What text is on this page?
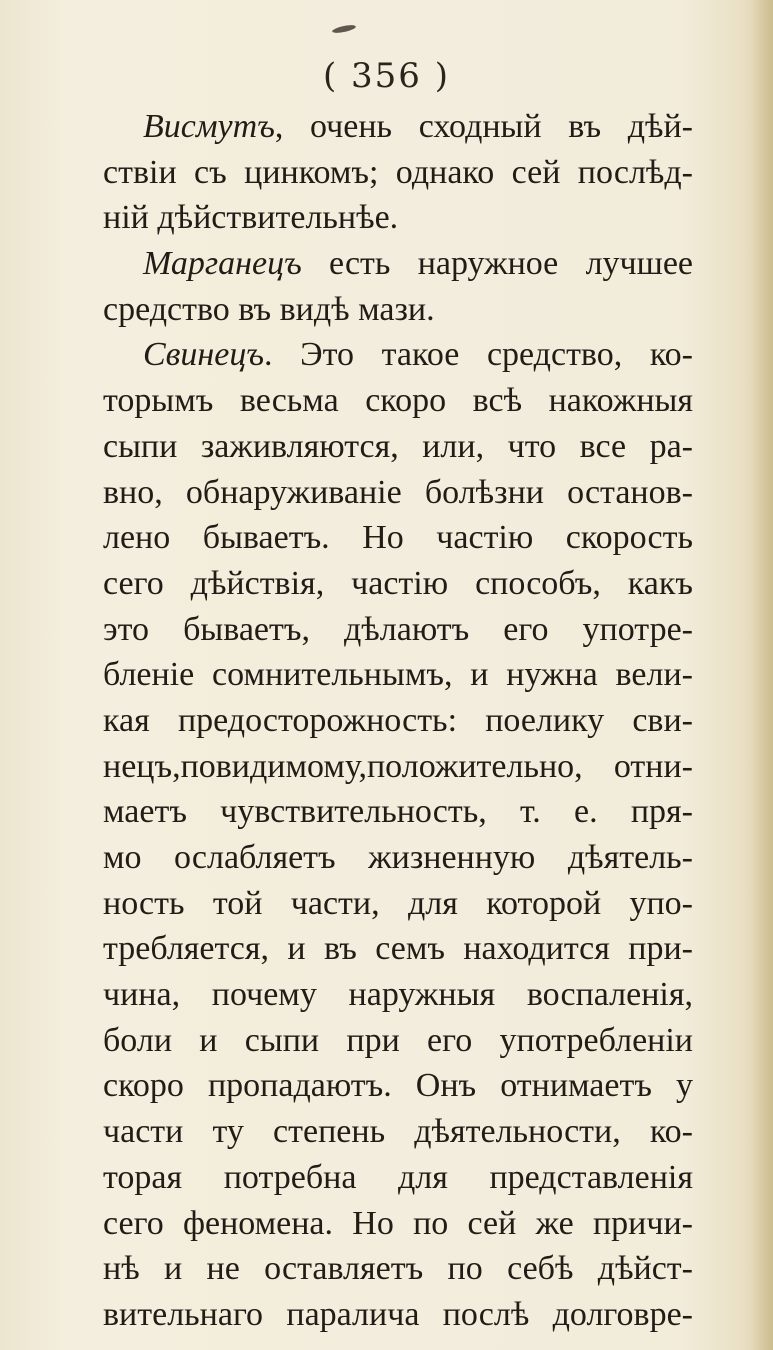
( 356 )
Висмутъ, очень сходный въ дѣй-
ствіи съ цинкомъ; однако сей послѣд-
ній дѣйствительнѣе.
Марганецъ есть наружное лучшее
средство въ видѣ мази.
Свинецъ. Это такое средство, ко-
торымъ весьма скоро всѣ накожныя
сыпи заживляются, или, что все ра-
вно, обнаруживаніе болѣзни останов-
лено бываетъ. Но частію скорость
сего дѣйствія, частію способъ, какъ
это бываетъ, дѣлаютъ его употре-
бленіе сомнительнымъ, и нужна вели-
кая предосторожность: поелику сви-
нецъ,повидимому,положительно, отни-
маетъ чувствительность, т. е. пря-
мо ослабляетъ жизненную дѣятель-
ность той части, для которой упо-
требляется, и въ семъ находится при-
чина, почему наружныя воспаленія,
боли и сыпи при его употребленіи
скоро пропадаютъ. Онъ отнимаетъ у
части ту степень дѣятельности, ко-
торая потребна для представленія
сего феномена. Но по сей же причи-
нѣ и не оставляетъ по себѣ дѣйст-
вительнаго паралича послѣ долговре-
